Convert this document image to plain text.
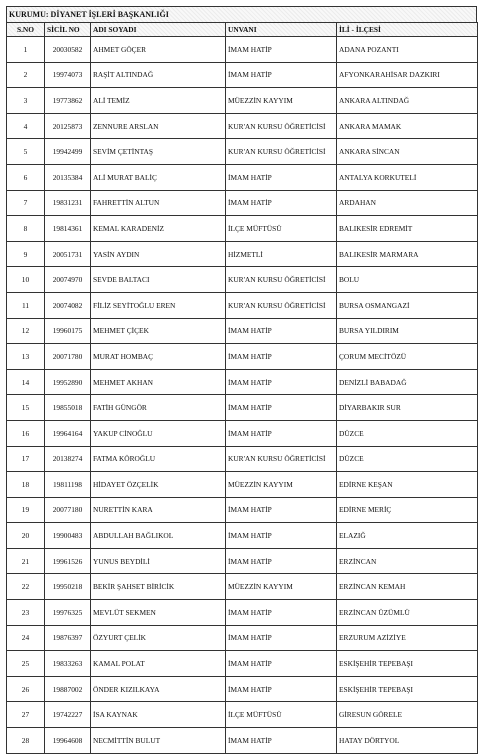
KURUMU: DİYANET İŞLERİ BAŞKANLIĞI
S.NO	SİCİL NO	ADI SOYADI	UNVANI	İLİ - İLÇESİ
1	20030582	AHMET GÖÇER	İMAM HATİP	ADANA POZANTI
2	19974073	RAŞİT ALTINDAĞ	İMAM HATİP	AFYONKARAHİSAR DAZKIRI
3	19773862	ALİ TEMİZ	MÜEZZİN KAYYIM	ANKARA ALTINDAĞ
4	20125873	ZENNURE ARSLAN	KUR'AN KURSU ÖĞRETİCİSİ	ANKARA MAMAK
5	19942499	SEVİM ÇETİNTAŞ	KUR'AN KURSU ÖĞRETİCİSİ	ANKARA SİNCAN
6	20135384	ALİ MURAT BALİÇ	İMAM HATİP	ANTALYA KORKUTELİ
7	19831231	FAHRETTİN ALTUN	İMAM HATİP	ARDAHAN
8	19814361	KEMAL KARADENİZ	İLÇE MÜFTÜSÜ	BALIKESİR EDREMİT
9	20051731	YASİN AYDIN	HİZMETLİ	BALIKESİR MARMARA
10	20074970	SEVDE BALTACI	KUR'AN KURSU ÖĞRETİCİSİ	BOLU
11	20074082	FİLİZ SEYİTOĞLU EREN	KUR'AN KURSU ÖĞRETİCİSİ	BURSA OSMANGAZİ
12	19960175	MEHMET ÇİÇEK	İMAM HATİP	BURSA YILDIRIM
13	20071780	MURAT HOMBAÇ	İMAM HATİP	ÇORUM MECİTÖZÜ
14	19952890	MEHMET AKHAN	İMAM HATİP	DENİZLİ BABADAĞ
15	19855018	FATİH GÜNGÖR	İMAM HATİP	DİYARBAKIR SUR
16	19964164	YAKUP CİNOĞLU	İMAM HATİP	DÜZCE
17	20138274	FATMA KÖROĞLU	KUR'AN KURSU ÖĞRETİCİSİ	DÜZCE
18	19811198	HİDAYET ÖZÇELİK	MÜEZZİN KAYYIM	EDİRNE KEŞAN
19	20077180	NURETTİN KARA	İMAM HATİP	EDİRNE MERİÇ
20	19900483	ABDULLAH BAĞLIKOL	İMAM HATİP	ELAZIĞ
21	19961526	YUNUS BEYDİLİ	İMAM HATİP	ERZİNCAN
22	19950218	BEKİR ŞAHSET BİRİCİK	MÜEZZİN KAYYIM	ERZİNCAN KEMAH
23	19976325	MEVLÜT SEKMEN	İMAM HATİP	ERZİNCAN ÜZÜMLÜ
24	19876397	ÖZYURT ÇELİK	İMAM HATİP	ERZURUM AZİZİYE
25	19833263	KAMAL POLAT	İMAM HATİP	ESKİŞEHİR TEPEBAŞI
26	19887002	ÖNDER KIZILKAYA	İMAM HATİP	ESKİŞEHİR TEPEBAŞI
27	19742227	İSA KAYNAK	İLÇE MÜFTÜSÜ	GİRESUN GÖRELE
28	19964608	NECMİTTİN BULUT	İMAM HATİP	HATAY DÖRTYOL
